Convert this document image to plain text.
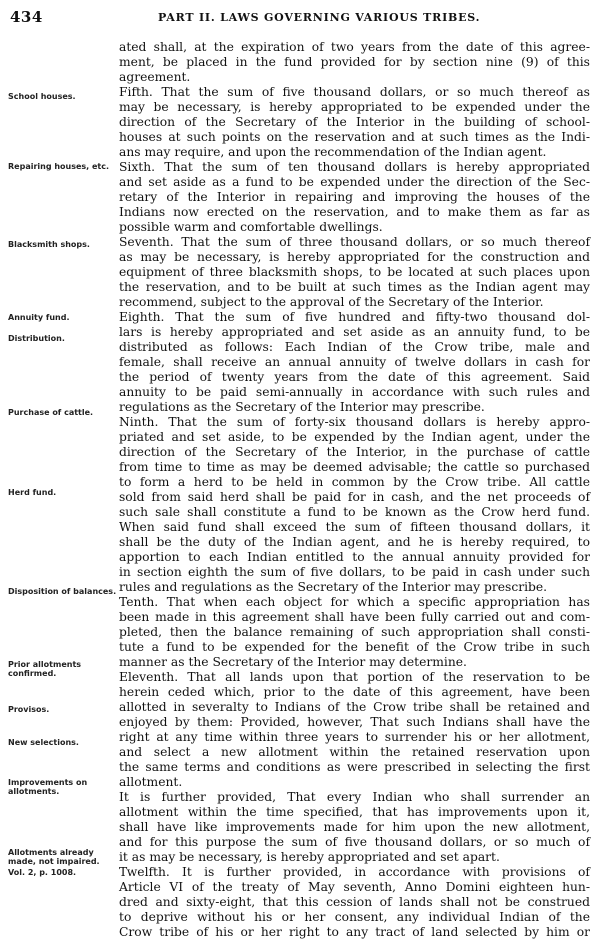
434	PART II. LAWS GOVERNING VARIOUS TRIBES.
School houses.
Repairing houses, etc.
Blacksmith shops.
Annuity fund.
Distribution.
Purchase of cattle.
Herd fund.
Disposition of balances.
Prior allotments confirmed.
Provisos.
New selections.
Improvements on allotments.
Allotments already made, not impaired.
Vol. 2, p. 1008.
ated shall, at the expiration of two years from the date of this agree-
ment, be placed in the fund provided for by section nine (9) of this
agreement.
Fifth. That the sum of five thousand dollars, or so much thereof as
may be necessary, is hereby appropriated to be expended under the
direction of the Secretary of the Interior in the building of school-
houses at such points on the reservation and at such times as the Indi-
ans may require, and upon the recommendation of the Indian agent.
Sixth. That the sum of ten thousand dollars is hereby appropriated
and set aside as a fund to be expended under the direction of the Sec-
retary of the Interior in repairing and improving the houses of the
Indians now erected on the reservation, and to make them as far as
possible warm and comfortable dwellings.
Seventh. That the sum of three thousand dollars, or so much thereof
as may be necessary, is hereby appropriated for the construction and
equipment of three blacksmith shops, to be located at such places upon
the reservation, and to be built at such times as the Indian agent may
recommend, subject to the approval of the Secretary of the Interior.
Eighth. That the sum of five hundred and fifty-two thousand dol-
lars is hereby appropriated and set aside as an annuity fund, to be
distributed as follows: Each Indian of the Crow tribe, male and
female, shall receive an annual annuity of twelve dollars in cash for
the period of twenty years from the date of this agreement. Said
annuity to be paid semi-annually in accordance with such rules and
regulations as the Secretary of the Interior may prescribe.
Ninth. That the sum of forty-six thousand dollars is hereby appro-
priated and set aside, to be expended by the Indian agent, under the
direction of the Secretary of the Interior, in the purchase of cattle
from time to time as may be deemed advisable; the cattle so purchased
to form a herd to be held in common by the Crow tribe. All cattle
sold from said herd shall be paid for in cash, and the net proceeds of
such sale shall constitute a fund to be known as the Crow herd fund.
When said fund shall exceed the sum of fifteen thousand dollars, it
shall be the duty of the Indian agent, and he is hereby required, to
apportion to each Indian entitled to the annual annuity provided for
in section eighth the sum of five dollars, to be paid in cash under such
rules and regulations as the Secretary of the Interior may prescribe.
Tenth. That when each object for which a specific appropriation has
been made in this agreement shall have been fully carried out and com-
pleted, then the balance remaining of such appropriation shall consti-
tute a fund to be expended for the benefit of the Crow tribe in such
manner as the Secretary of the Interior may determine.
Eleventh. That all lands upon that portion of the reservation to be
herein ceded which, prior to the date of this agreement, have been
allotted in severalty to Indians of the Crow tribe shall be retained and
enjoyed by them: Provided, however, That such Indians shall have the
right at any time within three years to surrender his or her allotment,
and select a new allotment within the retained reservation upon
the same terms and conditions as were prescribed in selecting the first
allotment.
It is further provided, That every Indian who shall surrender an
allotment within the time specified, that has improvements upon it,
shall have like improvements made for him upon the new allotment,
and for this purpose the sum of five thousand dollars, or so much of
it as may be necessary, is hereby appropriated and set apart.
Twelfth. It is further provided, in accordance with provisions of
Article VI of the treaty of May seventh, Anno Domini eighteen hun-
dred and sixty-eight, that this cession of lands shall not be construed
to deprive without his or her consent, any individual Indian of the
Crow tribe of his or her right to any tract of land selected by him or
